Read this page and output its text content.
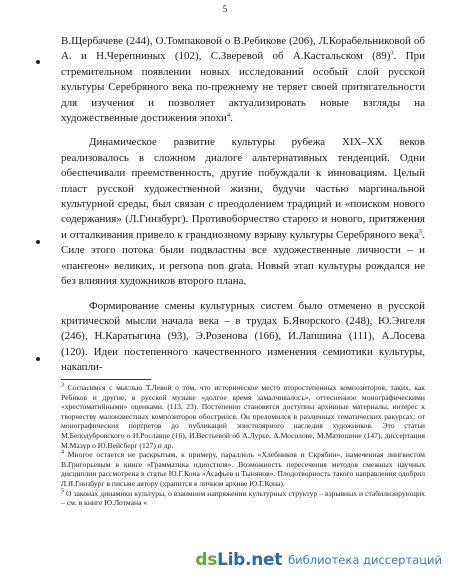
5

В.Щербачеве (244), О.Томпаковой о В.Ребикове (206), Л.Корабельниковой об А. и Н.Черепниных (102), С.Зверевой об А.Кастальском $(89)^3$. При стремительном появлении новых исследований особый слой русской культуры Серебряного века по-прежнему не теряет своей притягательности для изучения и позволяет актуализировать новые взгляды на художественные достижения эпохи$^4$.

Динамическое развитие культуры рубежа XIX–XX веков реализовалось в сложном диалоге альтернативных тенденций. Одни обеспечивали преемственность, другие побуждали к инновациям. Целый пласт русской художественной жизни, будучи частью маргинальной культурной среды, был связан с преодолением традиций и «поиском нового содержания» (Л.Гинзбург). Противоборчество старого и нового, притяжения и отталкивания привело к грандиозному взрыву культуры Серебряного века$^5$. Силе этого потока были подвластны все художественные личности – и «пантеон» великих, и persona non grata. Новый этап культуры рождался не без влияния художников второго плана.

Формирование смены культурных систем было отмечено в русской критической мысли начала века – в трудах Б.Яворского (248), Ю.Энгеля (246), Н.Каратыгина (93), Э.Розенова (166), И.Лапшина (111), А.Лосева (120). Идеи постепенного качественного изменения семиотики культуры, накапли-

$^3$ Согласимся с мыслью Т.Левой о том, что историческое место второстепенных композиторов, таких, как Ребиков и другие, в русской музыке «долгое время замалчивалось», оттесненное монографическими «хрестоматийными» оценками. (113, 23). Постепенно становятся доступны архивные материалы, интерес к творчеству малоизвестных композиторов обострился. Он преломился в различных тематических ракурсах: от монографических портретов до публикаций эпистолярного наследия художников. Это статьи М.Белодубровского о Н.Рославце (16), И.Вестьевой об А.Лурье, А.Мосолове, М.Матюшине (147), диссертация М.Мазур о Ю.Вейсберг (127) и др.

$^4$ Многое остается не раскрытым, к примеру, параллель «Хлебников и Скрябин», намеченная лингвистом В.Григорьевым в книге «Грамматика идиостиля». Возможность пересечения методов смежных научных дисциплин рассмотрена в статье Ю.Г.Кона «Асафьев и Тынянов». Плодотворность такого направления одобрил Л.Я.Гинзбург в письме автору (хранится в личном архиве Ю.Г.Кона).

$^5$ О законах динамики культуры, о взаимном напряжении культурных структур – взрывных и стабилизирующих – см. в книге Ю.Лотмана «

dsLib.net библиотека диссертаций
